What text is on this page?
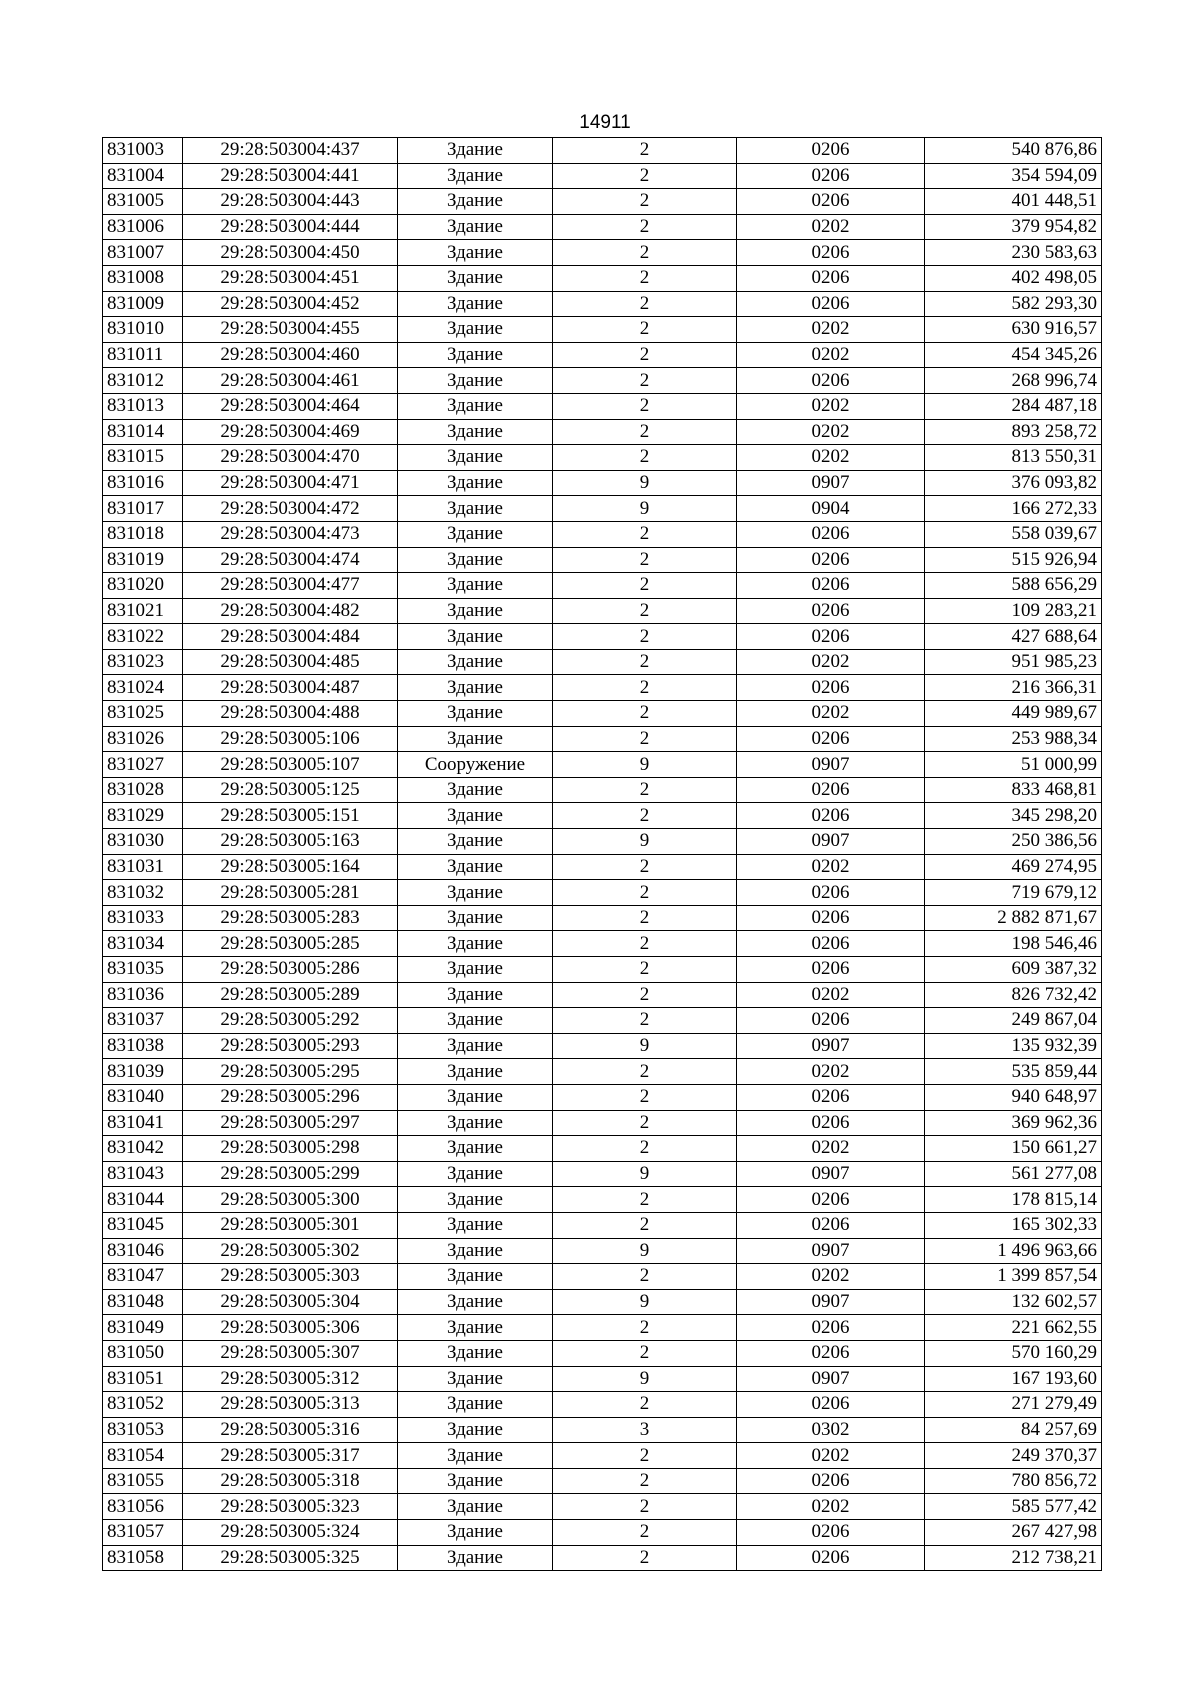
14911
831003	29:28:503004:437	Здание	2	0206	540 876,86
831004	29:28:503004:441	Здание	2	0206	354 594,09
831005	29:28:503004:443	Здание	2	0206	401 448,51
831006	29:28:503004:444	Здание	2	0202	379 954,82
831007	29:28:503004:450	Здание	2	0206	230 583,63
831008	29:28:503004:451	Здание	2	0206	402 498,05
831009	29:28:503004:452	Здание	2	0206	582 293,30
831010	29:28:503004:455	Здание	2	0202	630 916,57
831011	29:28:503004:460	Здание	2	0202	454 345,26
831012	29:28:503004:461	Здание	2	0206	268 996,74
831013	29:28:503004:464	Здание	2	0202	284 487,18
831014	29:28:503004:469	Здание	2	0202	893 258,72
831015	29:28:503004:470	Здание	2	0202	813 550,31
831016	29:28:503004:471	Здание	9	0907	376 093,82
831017	29:28:503004:472	Здание	9	0904	166 272,33
831018	29:28:503004:473	Здание	2	0206	558 039,67
831019	29:28:503004:474	Здание	2	0206	515 926,94
831020	29:28:503004:477	Здание	2	0206	588 656,29
831021	29:28:503004:482	Здание	2	0206	109 283,21
831022	29:28:503004:484	Здание	2	0206	427 688,64
831023	29:28:503004:485	Здание	2	0202	951 985,23
831024	29:28:503004:487	Здание	2	0206	216 366,31
831025	29:28:503004:488	Здание	2	0202	449 989,67
831026	29:28:503005:106	Здание	2	0206	253 988,34
831027	29:28:503005:107	Сооружение	9	0907	51 000,99
831028	29:28:503005:125	Здание	2	0206	833 468,81
831029	29:28:503005:151	Здание	2	0206	345 298,20
831030	29:28:503005:163	Здание	9	0907	250 386,56
831031	29:28:503005:164	Здание	2	0202	469 274,95
831032	29:28:503005:281	Здание	2	0206	719 679,12
831033	29:28:503005:283	Здание	2	0206	2 882 871,67
831034	29:28:503005:285	Здание	2	0206	198 546,46
831035	29:28:503005:286	Здание	2	0206	609 387,32
831036	29:28:503005:289	Здание	2	0202	826 732,42
831037	29:28:503005:292	Здание	2	0206	249 867,04
831038	29:28:503005:293	Здание	9	0907	135 932,39
831039	29:28:503005:295	Здание	2	0202	535 859,44
831040	29:28:503005:296	Здание	2	0206	940 648,97
831041	29:28:503005:297	Здание	2	0206	369 962,36
831042	29:28:503005:298	Здание	2	0202	150 661,27
831043	29:28:503005:299	Здание	9	0907	561 277,08
831044	29:28:503005:300	Здание	2	0206	178 815,14
831045	29:28:503005:301	Здание	2	0206	165 302,33
831046	29:28:503005:302	Здание	9	0907	1 496 963,66
831047	29:28:503005:303	Здание	2	0202	1 399 857,54
831048	29:28:503005:304	Здание	9	0907	132 602,57
831049	29:28:503005:306	Здание	2	0206	221 662,55
831050	29:28:503005:307	Здание	2	0206	570 160,29
831051	29:28:503005:312	Здание	9	0907	167 193,60
831052	29:28:503005:313	Здание	2	0206	271 279,49
831053	29:28:503005:316	Здание	3	0302	84 257,69
831054	29:28:503005:317	Здание	2	0202	249 370,37
831055	29:28:503005:318	Здание	2	0206	780 856,72
831056	29:28:503005:323	Здание	2	0202	585 577,42
831057	29:28:503005:324	Здание	2	0206	267 427,98
831058	29:28:503005:325	Здание	2	0206	212 738,21
